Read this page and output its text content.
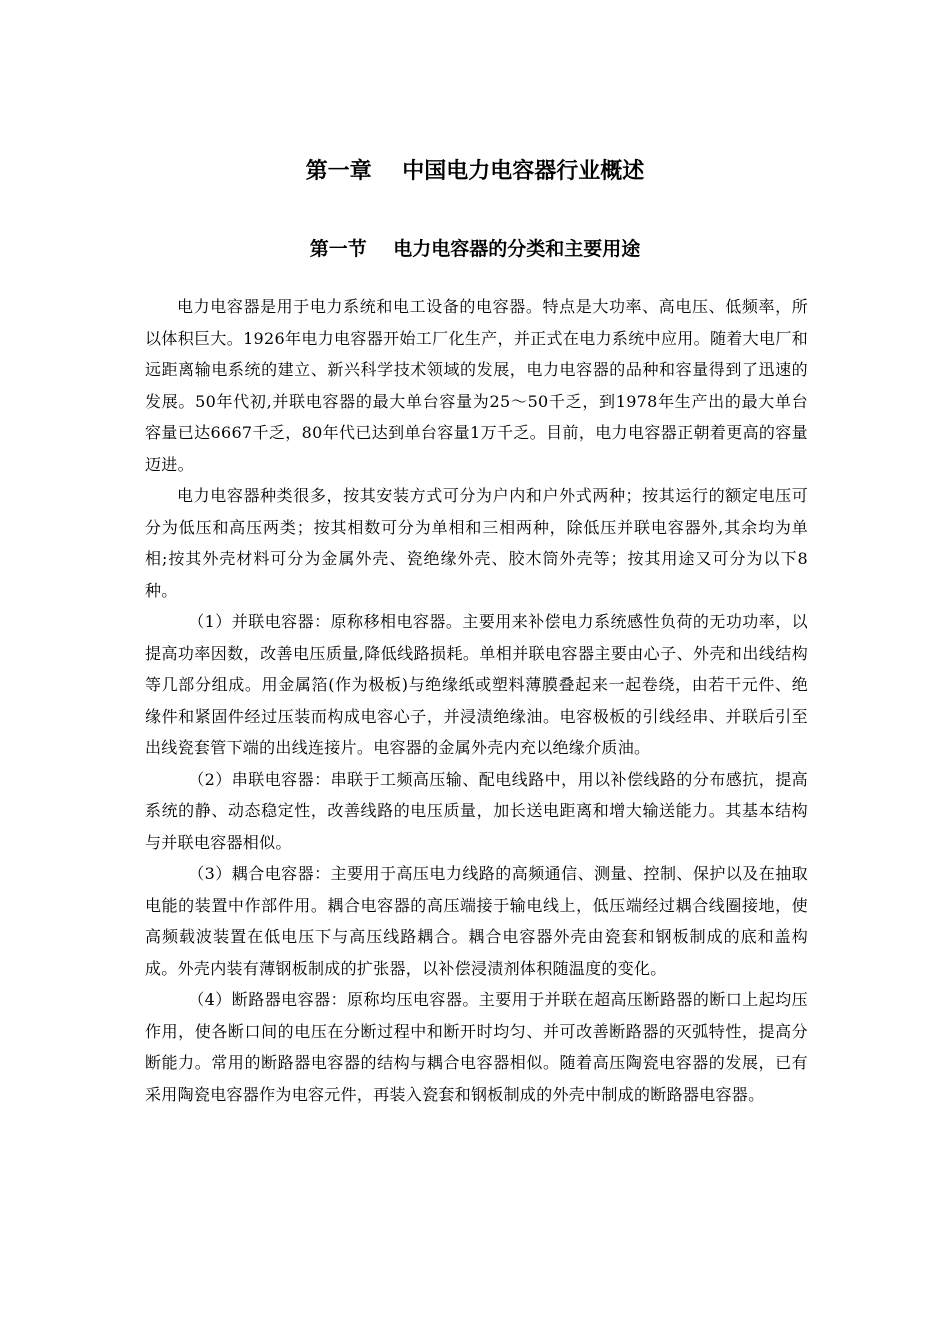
第一章    中国电力电容器行业概述
第一节    电力电容器的分类和主要用途

电力电容器是用于电力系统和电工设备的电容器。特点是大功率、高电压、低频率，所以体积巨大。1926年电力电容器开始工厂化生产，并正式在电力系统中应用。随着大电厂和远距离输电系统的建立、新兴科学技术领域的发展，电力电容器的品种和容量得到了迅速的发展。50年代初,并联电容器的最大单台容量为25～50千乏，到1978年生产出的最大单台容量已达6667千乏，80年代已达到单台容量1万千乏。目前，电力电容器正朝着更高的容量迈进。

电力电容器种类很多，按其安装方式可分为户内和户外式两种；按其运行的额定电压可分为低压和高压两类；按其相数可分为单相和三相两种，除低压并联电容器外,其余均为单相;按其外壳材料可分为金属外壳、瓷绝缘外壳、胶木筒外壳等；按其用途又可分为以下8种。

（1）并联电容器：原称移相电容器。主要用来补偿电力系统感性负荷的无功功率，以提高功率因数，改善电压质量,降低线路损耗。单相并联电容器主要由心子、外壳和出线结构等几部分组成。用金属箔(作为极板)与绝缘纸或塑料薄膜叠起来一起卷绕，由若干元件、绝缘件和紧固件经过压装而构成电容心子，并浸渍绝缘油。电容极板的引线经串、并联后引至出线瓷套管下端的出线连接片。电容器的金属外壳内充以绝缘介质油。

（2）串联电容器：串联于工频高压输、配电线路中，用以补偿线路的分布感抗，提高系统的静、动态稳定性，改善线路的电压质量，加长送电距离和增大输送能力。其基本结构与并联电容器相似。

（3）耦合电容器：主要用于高压电力线路的高频通信、测量、控制、保护以及在抽取电能的装置中作部件用。耦合电容器的高压端接于输电线上，低压端经过耦合线圈接地，使高频载波装置在低电压下与高压线路耦合。耦合电容器外壳由瓷套和钢板制成的底和盖构成。外壳内装有薄钢板制成的扩张器，以补偿浸渍剂体积随温度的变化。

（4）断路器电容器：原称均压电容器。主要用于并联在超高压断路器的断口上起均压作用，使各断口间的电压在分断过程中和断开时均匀、并可改善断路器的灭弧特性，提高分断能力。常用的断路器电容器的结构与耦合电容器相似。随着高压陶瓷电容器的发展，已有采用陶瓷电容器作为电容元件，再装入瓷套和钢板制成的外壳中制成的断路器电容器。
